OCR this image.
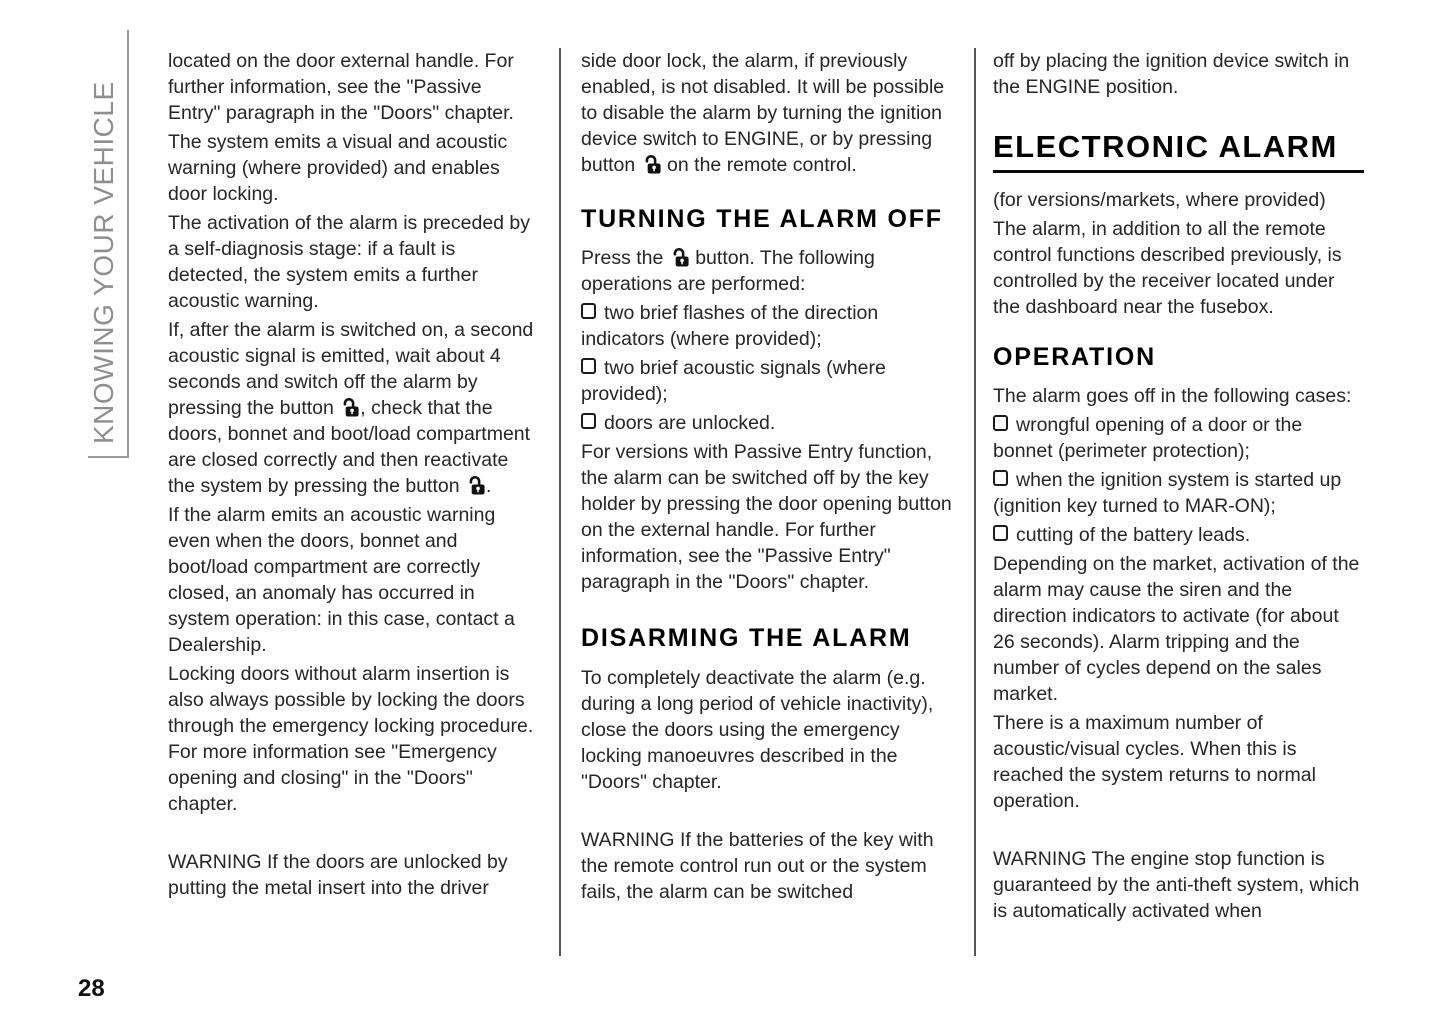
KNOWING YOUR VEHICLE

located on the door external handle. For further information, see the "Passive Entry" paragraph in the "Doors" chapter.

The system emits a visual and acoustic warning (where provided) and enables door locking.

The activation of the alarm is preceded by a self-diagnosis stage: if a fault is detected, the system emits a further acoustic warning.

If, after the alarm is switched on, a second acoustic signal is emitted, wait about 4 seconds and switch off the alarm by pressing the button , check that the doors, bonnet and boot/load compartment are closed correctly and then reactivate the system by pressing the button .

If the alarm emits an acoustic warning even when the doors, bonnet and boot/load compartment are correctly closed, an anomaly has occurred in system operation: in this case, contact a Dealership.

Locking doors without alarm insertion is also always possible by locking the doors through the emergency locking procedure. For more information see "Emergency opening and closing" in the "Doors" chapter.

WARNING If the doors are unlocked by putting the metal insert into the driver

side door lock, the alarm, if previously enabled, is not disabled. It will be possible to disable the alarm by turning the ignition device switch to ENGINE, or by pressing button  on the remote control.

TURNING THE ALARM OFF

Press the  button. The following operations are performed:

two brief flashes of the direction indicators (where provided);

two brief acoustic signals (where provided);

doors are unlocked.

For versions with Passive Entry function, the alarm can be switched off by the key holder by pressing the door opening button on the external handle. For further information, see the "Passive Entry" paragraph in the "Doors" chapter.

DISARMING THE ALARM

To completely deactivate the alarm (e.g. during a long period of vehicle inactivity), close the doors using the emergency locking manoeuvres described in the "Doors" chapter.

WARNING If the batteries of the key with the remote control run out or the system fails, the alarm can be switched

off by placing the ignition device switch in the ENGINE position.

ELECTRONIC ALARM

(for versions/markets, where provided)

The alarm, in addition to all the remote control functions described previously, is controlled by the receiver located under the dashboard near the fusebox.

OPERATION

The alarm goes off in the following cases:

wrongful opening of a door or the bonnet (perimeter protection);

when the ignition system is started up (ignition key turned to MAR-ON);

cutting of the battery leads.

Depending on the market, activation of the alarm may cause the siren and the direction indicators to activate (for about 26 seconds). Alarm tripping and the number of cycles depend on the sales market.

There is a maximum number of acoustic/visual cycles. When this is reached the system returns to normal operation.

WARNING The engine stop function is guaranteed by the anti-theft system, which is automatically activated when

28
